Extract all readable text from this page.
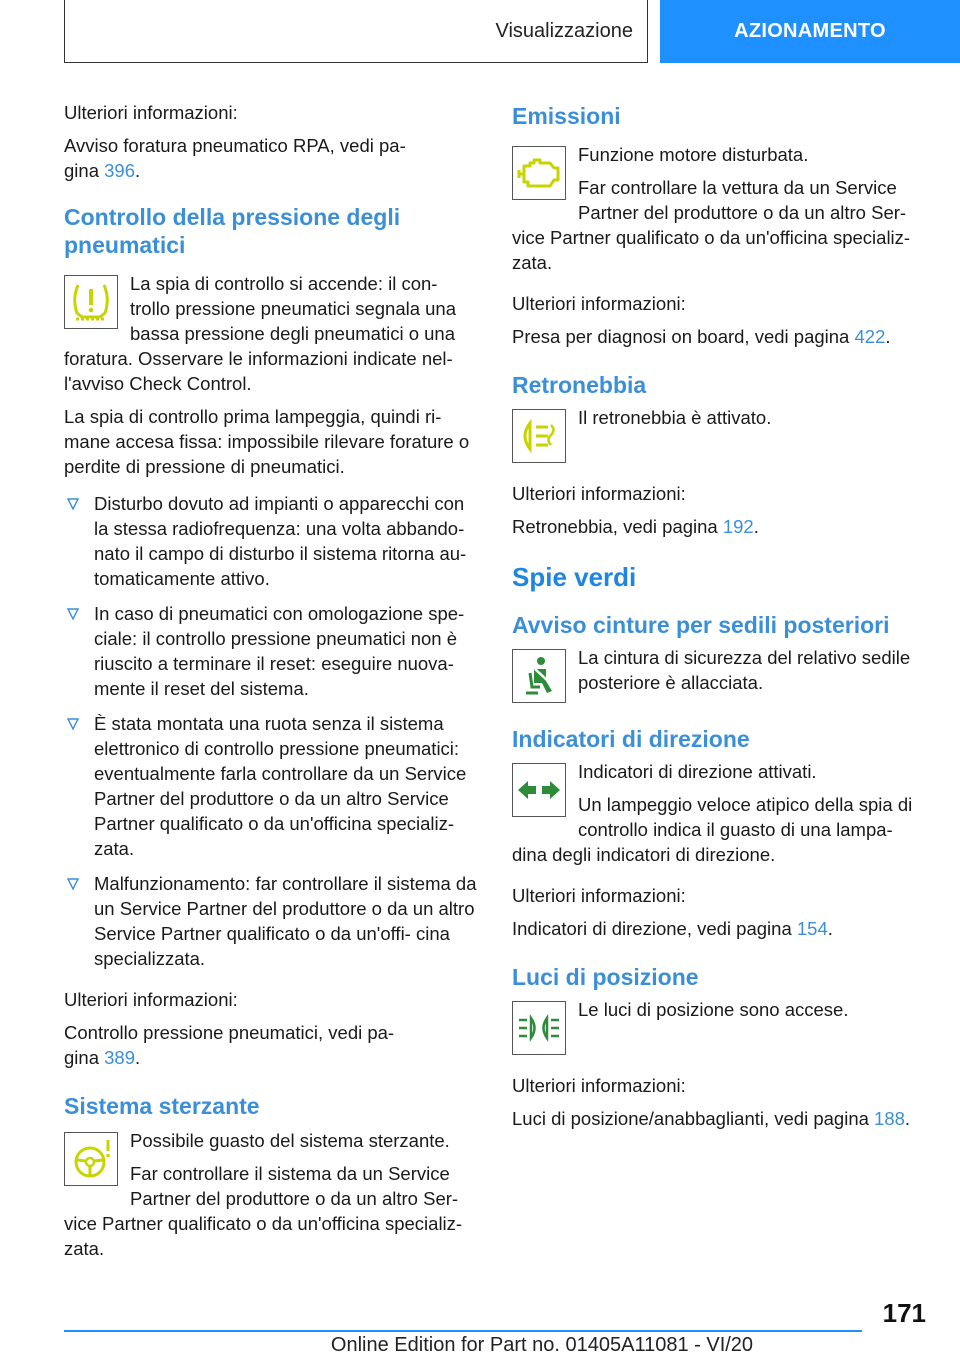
Visualizzazione	AZIONAMENTO

Ulteriori informazioni:

Avviso foratura pneumatico RPA, vedi pa-
gina 396.

Controllo della pressione degli
pneumatici

La spia di controllo si accende: il con- trollo pressione pneumatici segnala una bassa pressione degli pneumatici o una foratura. Osservare le informazioni indicate nel- l'avviso Check Control.

La spia di controllo prima lampeggia, quindi ri- mane accesa fissa: impossibile rilevare forature o perdite di pressione di pneumatici.

Disturbo dovuto ad impianti o apparecchi con la stessa radiofrequenza: una volta abbando- nato il campo di disturbo il sistema ritorna au- tomaticamente attivo.
In caso di pneumatici con omologazione spe- ciale: il controllo pressione pneumatici non è riuscito a terminare il reset: eseguire nuova- mente il reset del sistema.
È stata montata una ruota senza il sistema elettronico di controllo pressione pneumatici: eventualmente farla controllare da un Service Partner del produttore o da un altro Service Partner qualificato o da un'officina specializ- zata.
Malfunzionamento: far controllare il sistema da un Service Partner del produttore o da un altro Service Partner qualificato o da un'offi- cina specializzata.

Ulteriori informazioni:

Controllo pressione pneumatici, vedi pa-
gina 389.

Sistema sterzante

Possibile guasto del sistema sterzante.

Far controllare il sistema da un Service Partner del produttore o da un altro Ser- vice Partner qualificato o da un'officina specializ- zata.

Emissioni

Funzione motore disturbata.

Far controllare la vettura da un Service Partner del produttore o da un altro Ser- vice Partner qualificato o da un'officina specializ- zata.

Ulteriori informazioni:

Presa per diagnosi on board, vedi pagina 422.

Retronebbia

Il retronebbia è attivato.

Ulteriori informazioni:

Retronebbia, vedi pagina 192.

Spie verdi
Avviso cinture per sedili posteriori

La cintura di sicurezza del relativo sedile posteriore è allacciata.

Indicatori di direzione

Indicatori di direzione attivati.

Un lampeggio veloce atipico della spia di controllo indica il guasto di una lampa- dina degli indicatori di direzione.

Ulteriori informazioni:

Indicatori di direzione, vedi pagina 154.

Luci di posizione

Le luci di posizione sono accese.

Ulteriori informazioni:

Luci di posizione/anabbaglianti, vedi pagina 188.

171
Online Edition for Part no. 01405A11081 - VI/20
